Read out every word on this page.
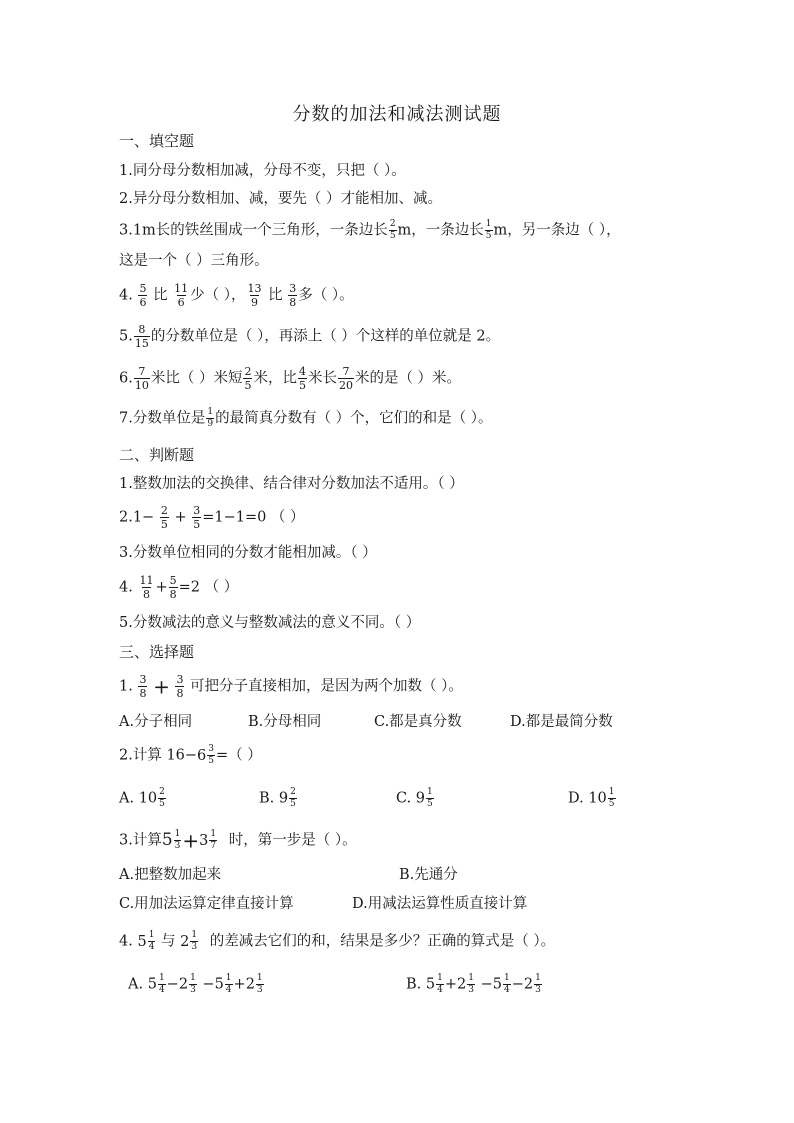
分数的加法和减法测试题
一、填空题
1.同分母分数相加减，分母不变，只把（ ）。
2.异分母分数相加、减，要先（ ）才能相加、减。
3.1m长的铁丝围成一个三角形，一条边长 $\frac{2}{5}$ m，一条边长 $\frac{1}{5}$ m，另一条边（ ），
这是一个（ ）三角形。
4. $\frac{5}{6}$ 比 $\frac{11}{6}$ 少（ ）， $\frac{13}{9}$ 比 $\frac{3}{8}$ 多（ ）。
5. $\frac{8}{15}$ 的分数单位是（ ），再添上（ ）个这样的单位就是 2。
6. $\frac{7}{10}$ 米比（ ）米短 $\frac{2}{5}$ 米，比 $\frac{4}{5}$ 米长 $\frac{7}{20}$ 米的是（ ）米。
7.分数单位是 $\frac{1}{9}$ 的最简真分数有（ ）个，它们的和是（ ）。
二、判断题
1.整数加法的交换律、结合律对分数加法不适用。（ ）
$2.1- \frac{2}{5} + \frac{3}{5} =1-1=0$ （ ）
3.分数单位相同的分数才能相加减。（ ）
4. $\frac{11}{8} + \frac{5}{8} =2$ （ ）
5.分数减法的意义与整数减法的意义不同。（ ）
三、选择题
1. $\frac{3}{8} + \frac{3}{8}$ 可把分子直接相加，是因为两个加数（ ）。
A.分子相同	B.分母相同	C.都是真分数	D.都是最简分数
2.计算 $16-6 \frac{3}{5}$ =（ ）
A. $10 \frac{2}{5}$	B. $9 \frac{2}{5}$	C. $9 \frac{1}{5}$	D. $10 \frac{1}{5}$
3.计算$5 \frac{1}{3} +3 \frac{1}{7}$ 时，第一步是（ ）。
A.把整数加起来	B.先通分
C.用加法运算定律直接计算	D.用减法运算性质直接计算
4. $5 \frac{1}{4}$ 与 $2 \frac{1}{3}$ 的差减去它们的和，结果是多少？正确的算式是（ ）。
A. $5 \frac{1}{4} -2 \frac{1}{3} -5 \frac{1}{4} +2 \frac{1}{3}$	B. $5 \frac{1}{4} +2 \frac{1}{3} -5 \frac{1}{4} -2 \frac{1}{3}$
